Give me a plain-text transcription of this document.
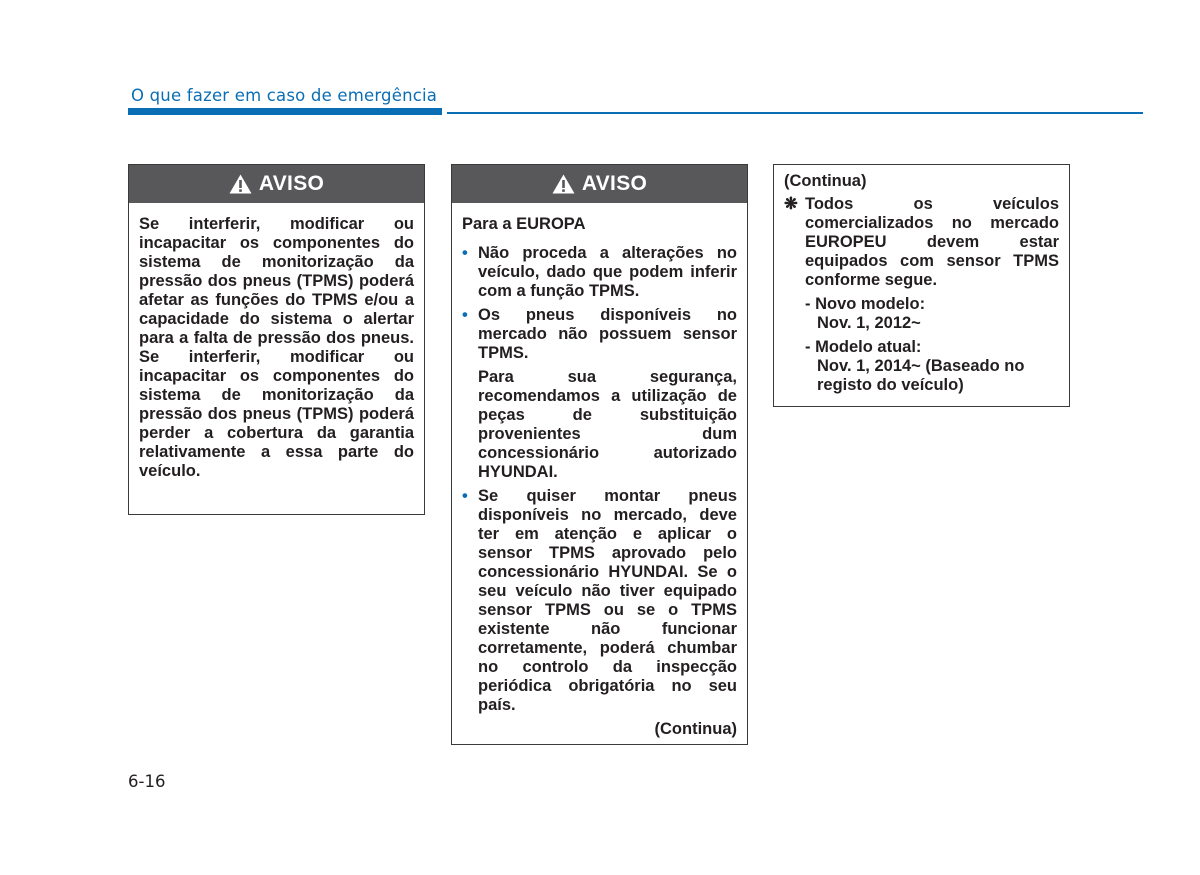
O que fazer em caso de emergência
AVISO

Se interferir, modificar ou incapacitar os componentes do sistema de monitorização da pressão dos pneus (TPMS) poderá afetar as funções do TPMS e/ou a capacidade do sistema o alertar para a falta de pressão dos pneus. Se interferir, modificar ou incapacitar os componentes do sistema de monitorização da pressão dos pneus (TPMS) poderá perder a cobertura da garantia relativamente a essa parte do veículo.

AVISO

Para a EUROPA

• Não proceda a alterações no veículo, dado que podem inferir com a função TPMS.

• Os pneus disponíveis no mercado não possuem sensor TPMS.

Para sua segurança, recomendamos a utilização de peças de substituição provenientes dum concessionário autorizado HYUNDAI.

• Se quiser montar pneus disponíveis no mercado, deve ter em atenção e aplicar o sensor TPMS aprovado pelo concessionário HYUNDAI. Se o seu veículo não tiver equipado sensor TPMS ou se o TPMS existente não funcionar corretamente, poderá chumbar no controlo da inspecção periódica obrigatória no seu país.

(Continua)

(Continua)

❋ Todos os veículos comercializados no mercado EUROPEU devem estar equipados com sensor TPMS conforme segue.

- Novo modelo:

Nov. 1, 2012~

- Modelo atual:

Nov. 1, 2014~ (Baseado no registo do veículo)

6-16
